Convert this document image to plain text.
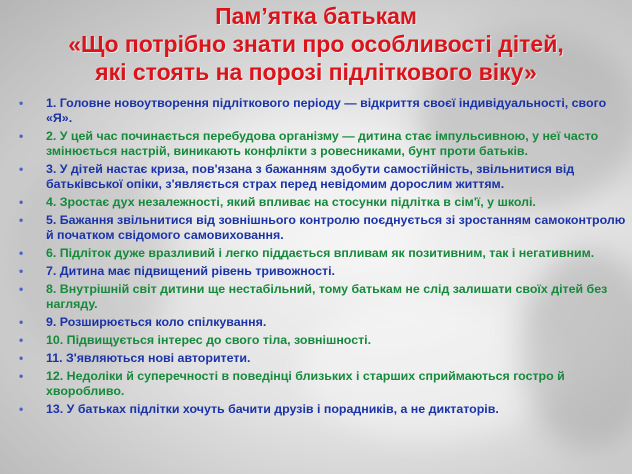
Пам’ятка батькам
«Що потрібно знати про особливості дітей,
які стоять на порозі підліткового віку»
• 1. Головне новоутворення підліткового періоду — відкриття своєї індивідуальності, свого «Я».
• 2. У цей час починається перебудова організму — дитина стає імпульсивною, у неї часто змінюється настрій, виникають конфлікти з ровесниками, бунт проти батьків.
• 3. У дітей настає криза, пов'язана з бажанням здобути самостійність, звільнитися від батьківської опіки, з'являється страх перед невідомим дорослим життям.
• 4. Зростає дух незалежності, який впливає на стосунки підлітка в сім'ї, у школі.
• 5. Бажання звільнитися від зовнішнього контролю поєднується зі зростанням самоконтролю й початком свідомого самовиховання.
• 6. Підліток дуже вразливий і легко піддається впливам як позитивним, так і негативним.
• 7. Дитина має підвищений рівень тривожності.
• 8. Внутрішній світ дитини ще нестабільний, тому батькам не слід залишати своїх дітей без нагляду.
• 9. Розширюється коло спілкування.
• 10. Підвищується інтерес до свого тіла, зовнішності.
• 11. З'являються нові авторитети.
• 12. Недоліки й суперечності в поведінці близьких і старших сприймаються гостро й хворобливо.
• 13. У батьках підлітки хочуть бачити друзів і порадників, а не диктаторів.
